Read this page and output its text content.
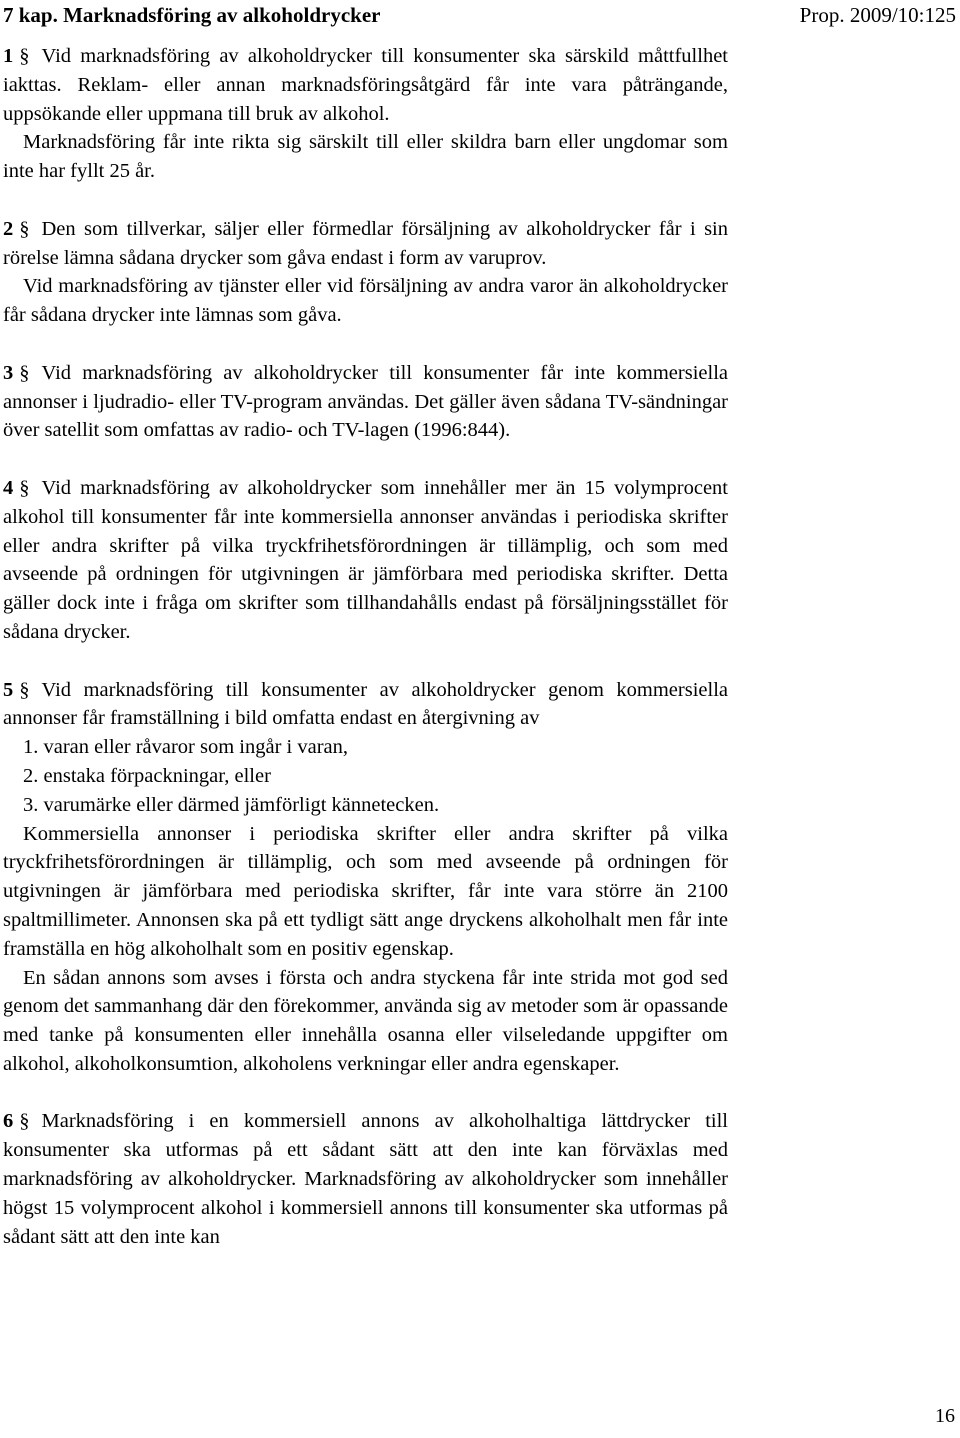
7 kap. Marknadsföring av alkoholdrycker	Prop. 2009/10:125

1 § Vid marknadsföring av alkoholdrycker till konsumenter ska särskild måttfullhet iakttas. Reklam- eller annan marknadsföringsåtgärd får inte vara påträngande, uppsökande eller uppmana till bruk av alkohol.

Marknadsföring får inte rikta sig särskilt till eller skildra barn eller ungdomar som inte har fyllt 25 år.

2 § Den som tillverkar, säljer eller förmedlar försäljning av alkoholdrycker får i sin rörelse lämna sådana drycker som gåva endast i form av varuprov.

Vid marknadsföring av tjänster eller vid försäljning av andra varor än alkoholdrycker får sådana drycker inte lämnas som gåva.

3 § Vid marknadsföring av alkoholdrycker till konsumenter får inte kommersiella annonser i ljudradio- eller TV-program användas. Det gäller även sådana TV-sändningar över satellit som omfattas av radio- och TV-lagen (1996:844).

4 § Vid marknadsföring av alkoholdrycker som innehåller mer än 15 volymprocent alkohol till konsumenter får inte kommersiella annonser användas i periodiska skrifter eller andra skrifter på vilka tryckfrihetsförordningen är tillämplig, och som med avseende på ordningen för utgivningen är jämförbara med periodiska skrifter. Detta gäller dock inte i fråga om skrifter som tillhandahålls endast på försäljningsstället för sådana drycker.

5 § Vid marknadsföring till konsumenter av alkoholdrycker genom kommersiella annonser får framställning i bild omfatta endast en återgivning av

1. varan eller råvaror som ingår i varan,

2. enstaka förpackningar, eller

3. varumärke eller därmed jämförligt kännetecken.

Kommersiella annonser i periodiska skrifter eller andra skrifter på vilka tryckfrihetsförordningen är tillämplig, och som med avseende på ordningen för utgivningen är jämförbara med periodiska skrifter, får inte vara större än 2100 spaltmillimeter. Annonsen ska på ett tydligt sätt ange dryckens alkoholhalt men får inte framställa en hög alkoholhalt som en positiv egenskap.

En sådan annons som avses i första och andra styckena får inte strida mot god sed genom det sammanhang där den förekommer, använda sig av metoder som är opassande med tanke på konsumenten eller innehålla osanna eller vilseledande uppgifter om alkohol, alkoholkonsumtion, alkoholens verkningar eller andra egenskaper.

6 § Marknadsföring i en kommersiell annons av alkoholhaltiga lättdrycker till konsumenter ska utformas på ett sådant sätt att den inte kan förväxlas med marknadsföring av alkoholdrycker. Marknadsföring av alkoholdrycker som innehåller högst 15 volymprocent alkohol i kommersiell annons till konsumenter ska utformas på sådant sätt att den inte kan

16
